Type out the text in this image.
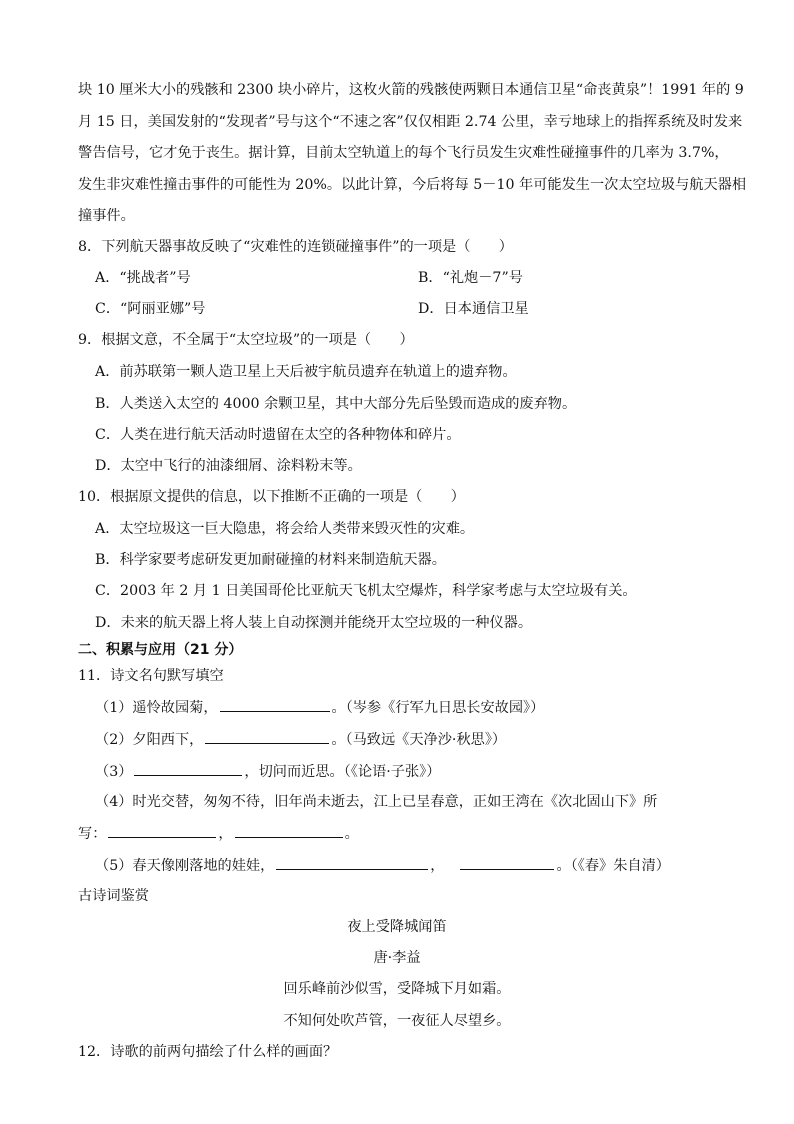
块 10 厘米大小的残骸和 2300 块小碎片，这枚火箭的残骸使两颗日本通信卫星“命丧黄泉”！1991 年的 9
月 15 日，美国发射的“发现者”号与这个“不速之客”仅仅相距 2.74 公里，幸亏地球上的指挥系统及时发来
警告信号，它才免于丧生。据计算，目前太空轨道上的每个飞行员发生灾难性碰撞事件的几率为 3.7%，
发生非灾难性撞击事件的可能性为 20%。以此计算，今后将每 5－10 年可能发生一次太空垃圾与航天器相
撞事件。
8．下列航天器事故反映了“灾难性的连锁碰撞事件”的一项是（　　）
A．“挑战者”号	B．“礼炮－7”号
C．“阿丽亚娜”号	D．日本通信卫星
9．根据文意，不全属于“太空垃圾”的一项是（　　）
A．前苏联第一颗人造卫星上天后被宇航员遗弃在轨道上的遗弃物。
B．人类送入太空的 4000 余颗卫星，其中大部分先后坠毁而造成的废弃物。
C．人类在进行航天活动时遗留在太空的各种物体和碎片。
D．太空中飞行的油漆细屑、涂料粉末等。
10．根据原文提供的信息，以下推断不正确的一项是（　　）
A．太空垃圾这一巨大隐患，将会给人类带来毁灭性的灾难。
B．科学家要考虑研发更加耐碰撞的材料来制造航天器。
C．2003 年 2 月 1 日美国哥伦比亚航天飞机太空爆炸，科学家考虑与太空垃圾有关。
D．未来的航天器上将人装上自动探测并能绕开太空垃圾的一种仪器。
二、积累与应用（21 分）
11．诗文名句默写填空
（1）遥怜故园菊，	。（岑参《行军九日思长安故园》）
（2）夕阳西下，	。（马致远《天净沙·秋思》）
（3）	，切问而近思。（《论语·子张》）
（4）时光交替，匆匆不待，旧年尚未逝去，江上已呈春意，正如王湾在《次北固山下》所
写：	，	。
（5）春天像刚落地的娃娃，	，	。（《春》朱自清）
古诗词鉴赏
夜上受降城闻笛
唐·李益
回乐峰前沙似雪，受降城下月如霜。
不知何处吹芦管，一夜征人尽望乡。
12．诗歌的前两句描绘了什么样的画面？
